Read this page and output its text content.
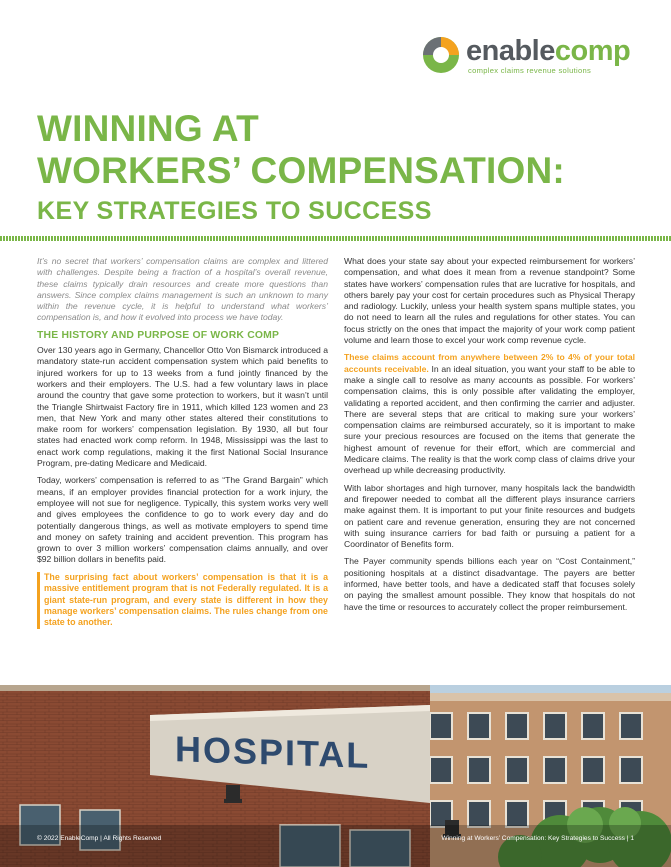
enablecomp
complex claims revenue solutions
WINNING AT
WORKERS’ COMPENSATION:
KEY STRATEGIES TO SUCCESS

It’s no secret that workers’ compensation claims are complex and littered with challenges. Despite being a fraction of a hospital’s overall revenue, these claims typically drain resources and create more questions than answers. Since complex claims management is such an unknown to many within the revenue cycle, it is helpful to understand what workers’ compensation is, and how it evolved into process we have today.

THE HISTORY AND PURPOSE OF WORK COMP

Over 130 years ago in Germany, Chancellor Otto Von Bismarck introduced a mandatory state-run accident compensation system which paid benefits to injured workers for up to 13 weeks from a fund jointly financed by the workers and their employers. The U.S. had a few voluntary laws in place around the country that gave some protection to workers, but it wasn’t until the Triangle Shirtwaist Factory fire in 1911, which killed 123 women and 23 men, that New York and many other states altered their constitutions to make room for workers’ compensation legislation. By 1930, all but four states had enacted work comp reform. In 1948, Mississippi was the last to enact work comp regulations, making it the first National Social Insurance Program, pre-dating Medicare and Medicaid.

Today, workers’ compensation is referred to as “The Grand Bargain” which means, if an employer provides financial protection for a work injury, the employee will not sue for negligence. Typically, this system works very well and gives employees the confidence to go to work every day and do potentially dangerous things, as well as motivate employers to spend time and money on safety training and accident prevention. This program has grown to over 3 million workers’ compensation claims annually, and over $92 billion dollars in benefits paid.

The surprising fact about workers’ compensation is that it is a massive entitlement program that is not Federally regulated. It is a giant state-run program, and every state is different in how they manage workers’ compensation claims. The rules change from one state to another.

What does your state say about your expected reimbursement for workers’ compensation, and what does it mean from a revenue standpoint? Some states have workers’ compensation rules that are lucrative for hospitals, and others barely pay your cost for certain procedures such as Physical Therapy and radiology. Luckily, unless your health system spans multiple states, you do not need to learn all the rules and regulations for other states. You can focus strictly on the ones that impact the majority of your work comp patient volume and learn those to excel your work comp revenue cycle.

These claims account from anywhere between 2% to 4% of your total accounts receivable. In an ideal situation, you want your staff to be able to make a single call to resolve as many accounts as possible. For workers’ compensation claims, this is only possible after validating the employer, validating a reported accident, and then confirming the carrier and adjuster. There are several steps that are critical to making sure your workers’ compensation claims are reimbursed accurately, so it is important to make sure your precious resources are focused on the items that generate the highest amount of revenue for their effort, which are commercial and Medicare claims. The reality is that the work comp class of claims drive your overhead up while decreasing productivity.

With labor shortages and high turnover, many hospitals lack the bandwidth and firepower needed to combat all the different plays insurance carriers make against them. It is important to put your finite resources and budgets on patient care and revenue generation, ensuring they are not concerned with suing insurance carriers for bad faith or pursuing a patient for a Coordinator of Benefits form.

The Payer community spends billions each year on “Cost Containment,” positioning hospitals at a distinct disadvantage. The payers are better informed, have better tools, and have a dedicated staff that focuses solely on paying the smallest amount possible. They know that hospitals do not have the time or resources to accurately collect the proper reimbursement.

HOSPITAL
© 2022 EnableComp | All Rights Reserved	Winning at Workers’ Compensation: Key Strategies to Success | 1
